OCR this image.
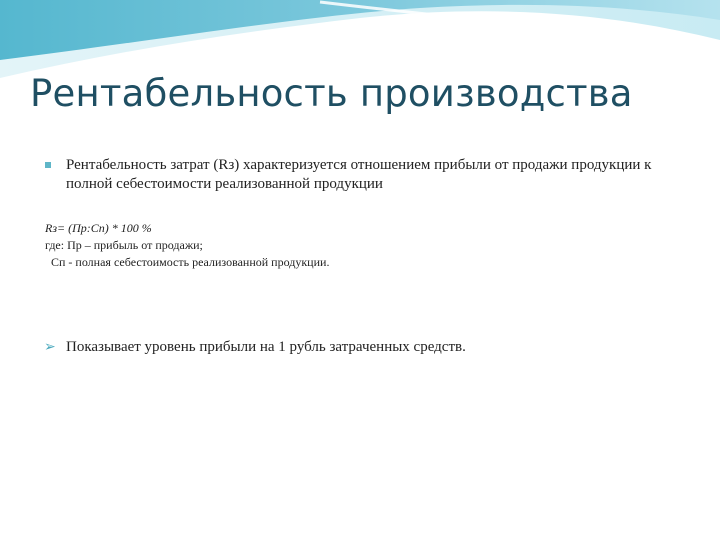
Рентабельность производства
Рентабельность затрат (Rз) характеризуется отношением прибыли от продажи продукции к полной себестоимости реализованной продукции
Rз= (Пр:Сп) * 100 %
где: Пр – прибыль от продажи;
Сп - полная себестоимость реализованной продукции.
➢ Показывает уровень прибыли на 1 рубль затраченных средств.
